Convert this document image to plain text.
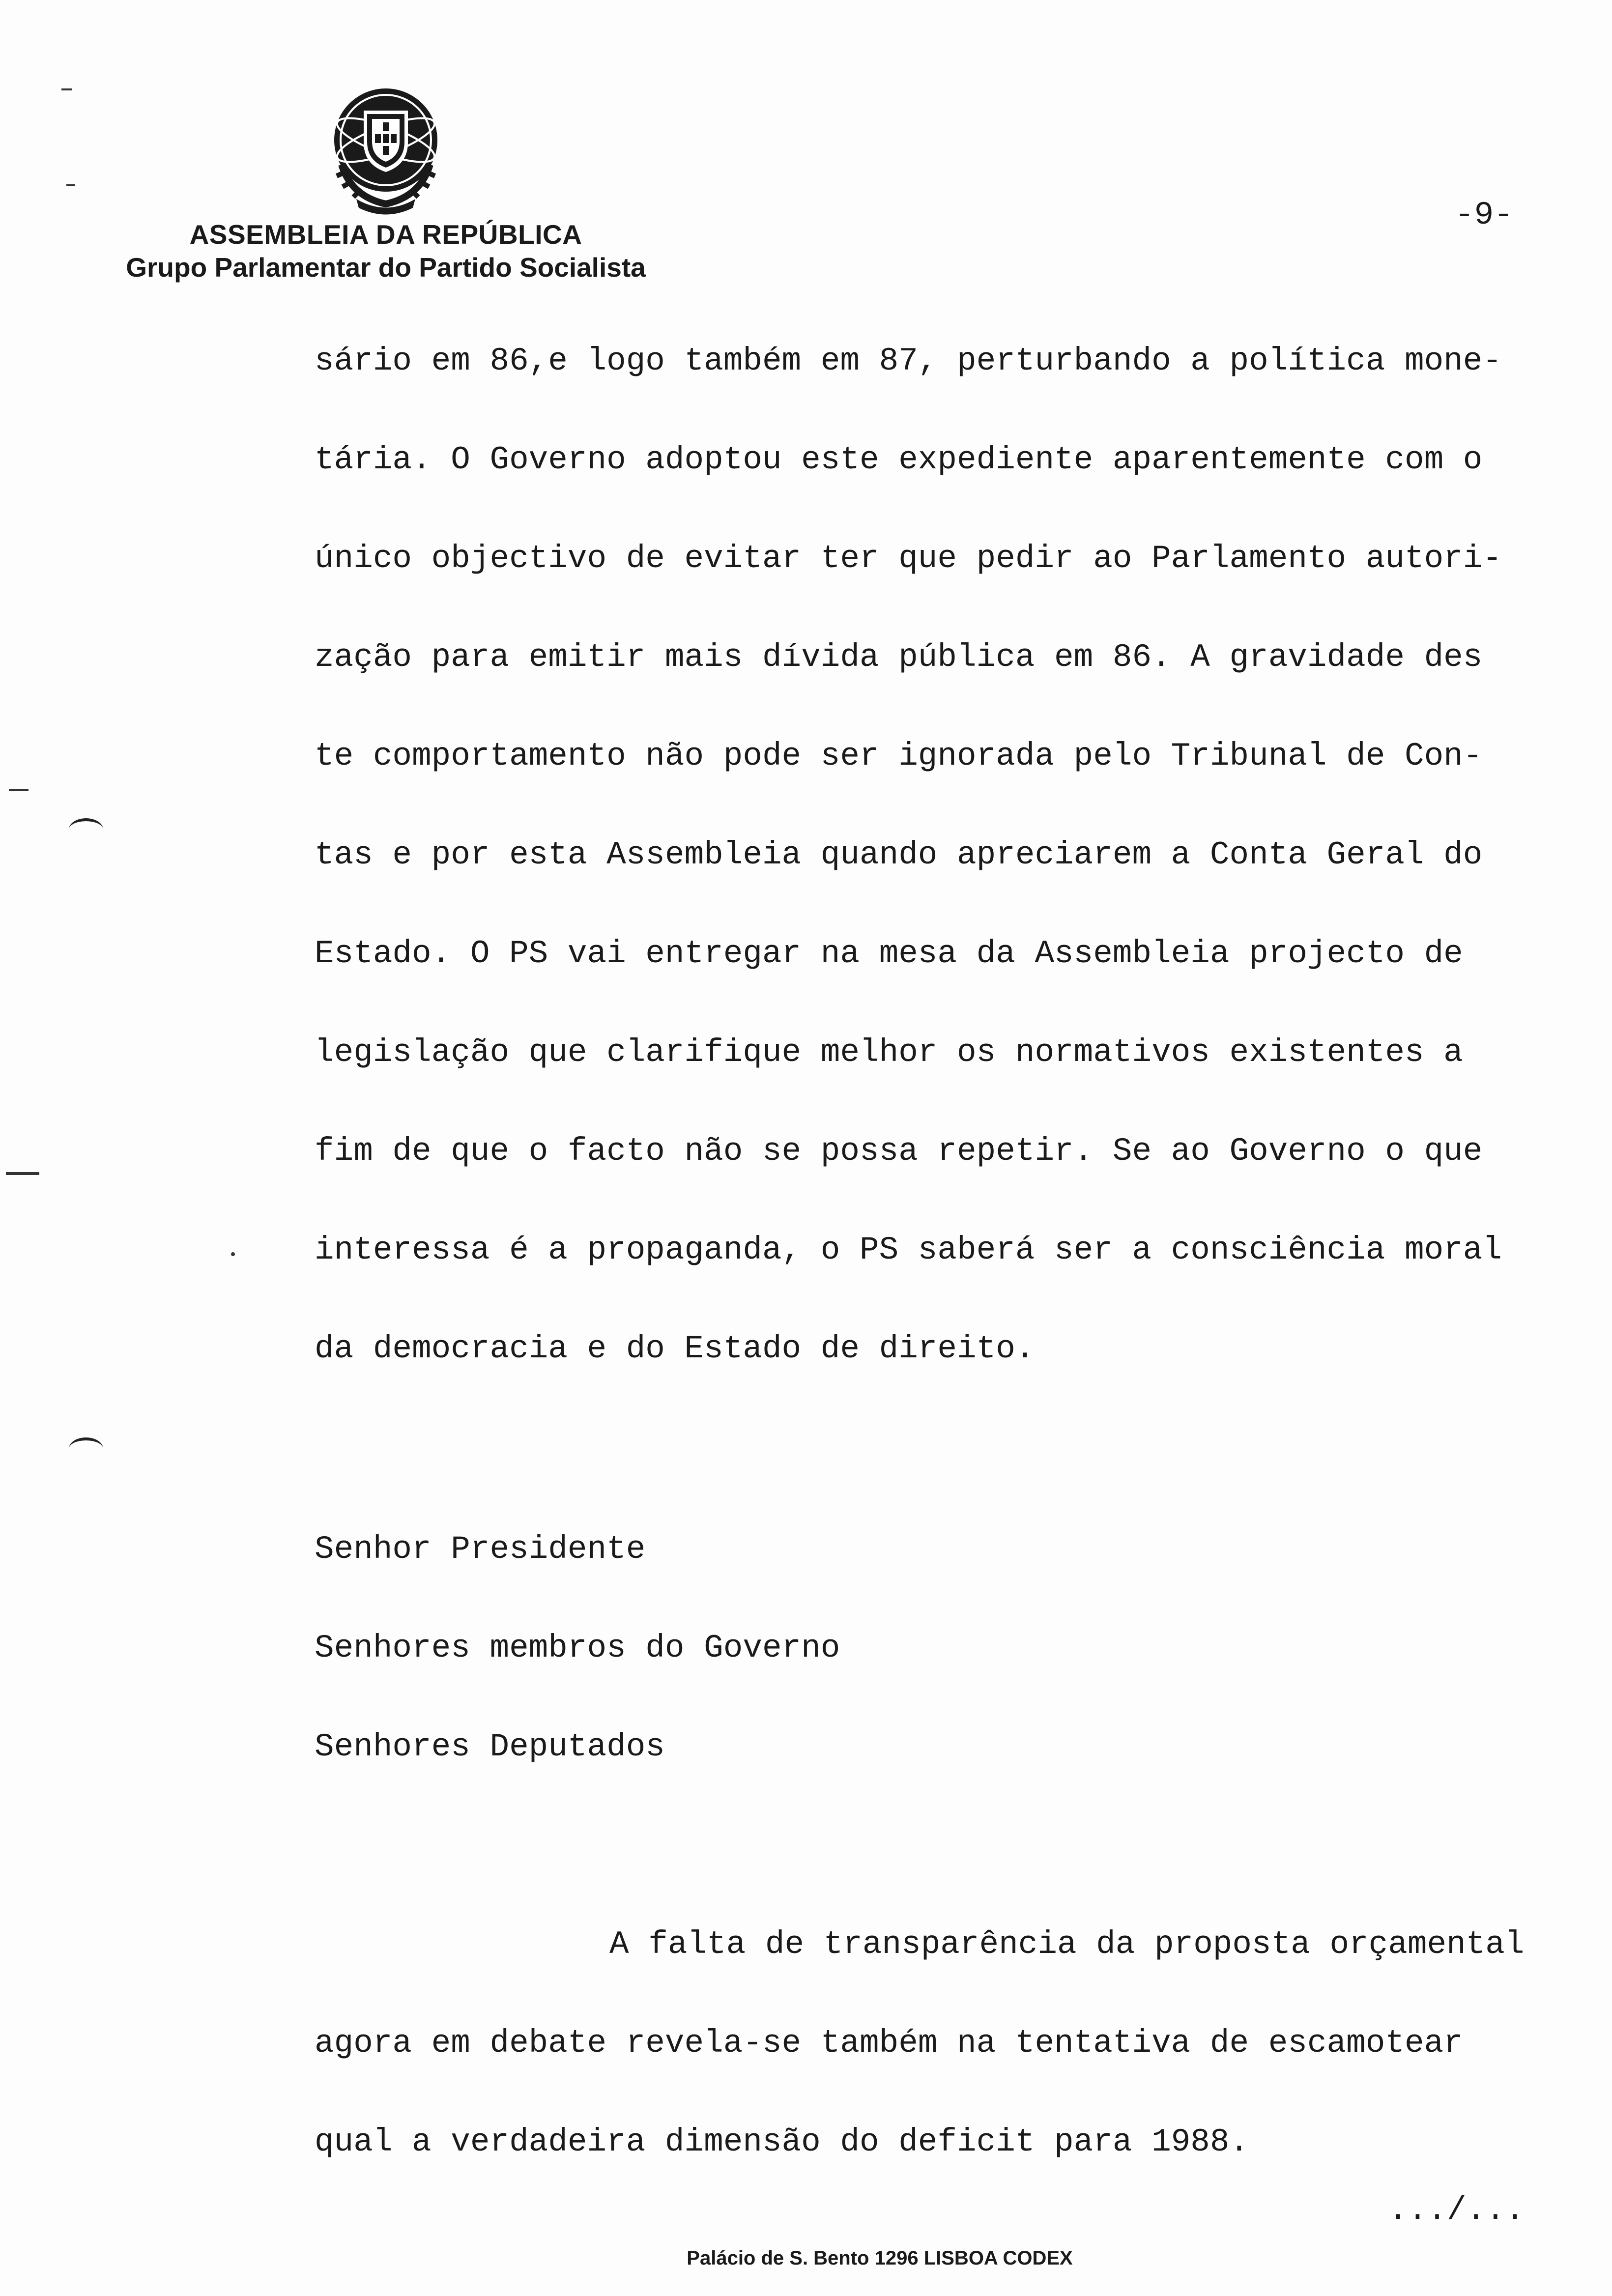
ASSEMBLEIA DA REPÚBLICA
Grupo Parlamentar do Partido Socialista
-9-
sário em 86,e logo também em 87, perturbando a política mone-
tária. O Governo adoptou este expediente aparentemente com o
único objectivo de evitar ter que pedir ao Parlamento autori-
zação para emitir mais dívida pública em 86. A gravidade des
te comportamento não pode ser ignorada pelo Tribunal de Con-
tas e por esta Assembleia quando apreciarem a Conta Geral do
Estado. O PS vai entregar na mesa da Assembleia projecto de
legislação que clarifique melhor os normativos existentes a
fim de que o facto não se possa repetir. Se ao Governo o que
interessa é a propaganda, o PS saberá ser a consciência moral
da democracia e do Estado de direito.
Senhor Presidente
Senhores membros do Governo
Senhores Deputados
A falta de transparência da proposta orçamental
agora em debate revela-se também na tentativa de escamotear
qual a verdadeira dimensão do deficit para 1988.
.../...
Palácio de S. Bento 1296 LISBOA CODEX
